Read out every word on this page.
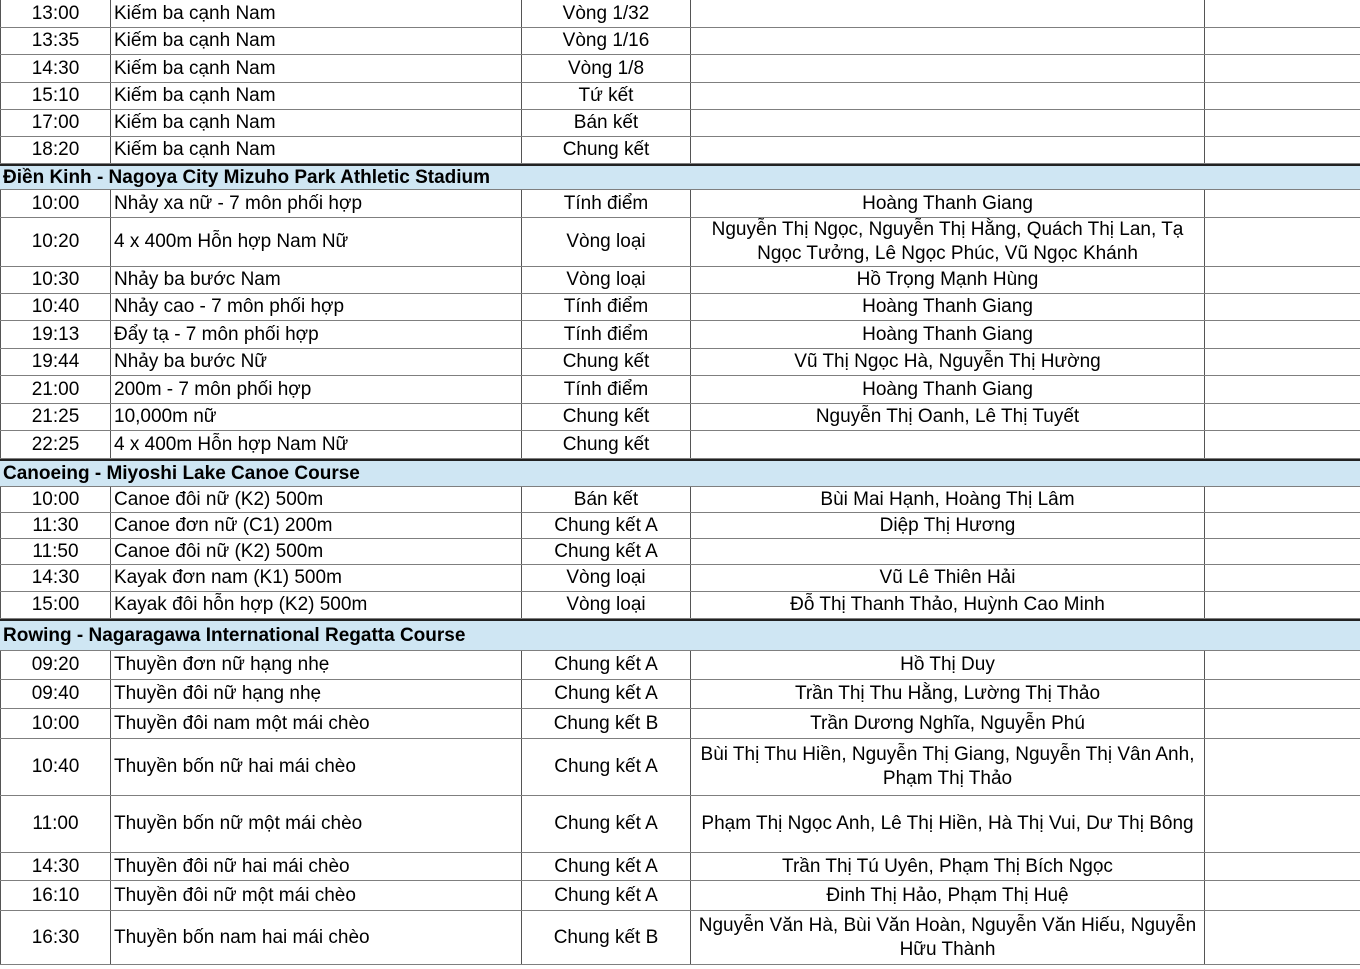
13:00	Kiếm ba cạnh Nam	Vòng 1/32
13:35	Kiếm ba cạnh Nam	Vòng 1/16
14:30	Kiếm ba cạnh Nam	Vòng 1/8
15:10	Kiếm ba cạnh Nam	Tứ kết
17:00	Kiếm ba cạnh Nam	Bán kết
18:20	Kiếm ba cạnh Nam	Chung kết
Điền Kinh - Nagoya City Mizuho Park Athletic Stadium
10:00	Nhảy xa nữ - 7 môn phối hợp	Tính điểm	Hoàng Thanh Giang
10:20	4 x 400m Hỗn hợp Nam Nữ	Vòng loại
Nguyễn Thị Ngọc, Nguyễn Thị Hằng, Quách Thị Lan, Tạ Ngọc Tưởng, Lê Ngọc Phúc, Vũ Ngọc Khánh
10:30	Nhảy ba bước Nam	Vòng loại	Hồ Trọng Mạnh Hùng
10:40	Nhảy cao - 7 môn phối hợp	Tính điểm	Hoàng Thanh Giang
19:13	Đẩy tạ - 7 môn phối hợp	Tính điểm	Hoàng Thanh Giang
19:44	Nhảy ba bước Nữ	Chung kết	Vũ Thị Ngọc Hà, Nguyễn Thị Hường
21:00	200m - 7 môn phối hợp	Tính điểm	Hoàng Thanh Giang
21:25	10,000m nữ	Chung kết	Nguyễn Thị Oanh, Lê Thị Tuyết
22:25	4 x 400m Hỗn hợp Nam Nữ	Chung kết
Canoeing - Miyoshi Lake Canoe Course
10:00	Canoe đôi nữ (K2) 500m	Bán kết	Bùi Mai Hạnh, Hoàng Thị Lâm
11:30	Canoe đơn nữ (C1) 200m	Chung kết A	Diệp Thị Hương
11:50	Canoe đôi nữ (K2) 500m	Chung kết A
14:30	Kayak đơn nam (K1) 500m	Vòng loại	Vũ Lê Thiên Hải
15:00	Kayak đôi hỗn hợp (K2) 500m	Vòng loại	Đỗ Thị Thanh Thảo, Huỳnh Cao Minh
Rowing - Nagaragawa International Regatta Course
09:20	Thuyền đơn nữ hạng nhẹ	Chung kết A	Hồ Thị Duy
09:40	Thuyền đôi nữ hạng nhẹ	Chung kết A	Trần Thị Thu Hằng, Lường Thị Thảo
10:00	Thuyền đôi nam một mái chèo	Chung kết B	Trần Dương Nghĩa, Nguyễn Phú
10:40	Thuyền bốn nữ hai mái chèo	Chung kết A
Bùi Thị Thu Hiền, Nguyễn Thị Giang, Nguyễn Thị Vân Anh, Phạm Thị Thảo
11:00	Thuyền bốn nữ một mái chèo	Chung kết A	Phạm Thị Ngọc Anh, Lê Thị Hiền, Hà Thị Vui, Dư Thị Bông
14:30	Thuyền đôi nữ hai mái chèo	Chung kết A	Trần Thị Tú Uyên, Phạm Thị Bích Ngọc
16:10	Thuyền đôi nữ một mái chèo	Chung kết A	Đinh Thị Hảo, Phạm Thị Huệ
16:30	Thuyền bốn nam hai mái chèo	Chung kết B
Nguyễn Văn Hà, Bùi Văn Hoàn, Nguyễn Văn Hiếu, Nguyễn Hữu Thành
